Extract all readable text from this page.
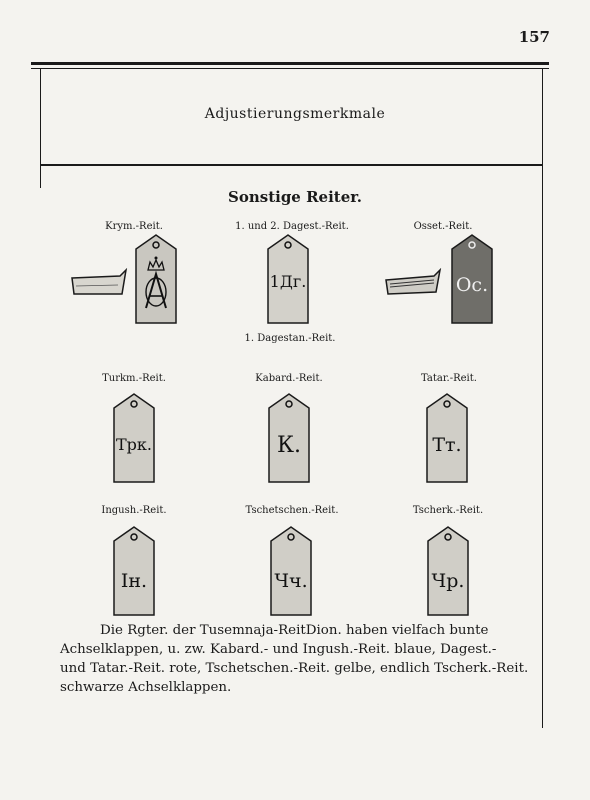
157
Adjustierungsmerkmale
Sonstige Reiter.
Krym.-Reit.	1. und 2. Dagest.-Reit.	Osset.-Reit.
1Дг.	Ос.
1. Dagestan.-Reit.
Turkm.-Reit.	Kabard.-Reit.	Tatar.-Reit.
Трк.	К.	Тт.
Ingush.-Reit.	Tschetschen.-Reit.	Tscherk.-Reit.
Ін.	Чч.	Чр.
Die Rgter. der Tusemnaja-ReitDion. haben vielfach bunte
Achselklappen, u. zw. Kabard.- und Ingush.-Reit. blaue, Dagest.-
und Tatar.-Reit. rote, Tschetschen.-Reit. gelbe, endlich Tscherk.-Reit.
schwarze Achselklappen.
